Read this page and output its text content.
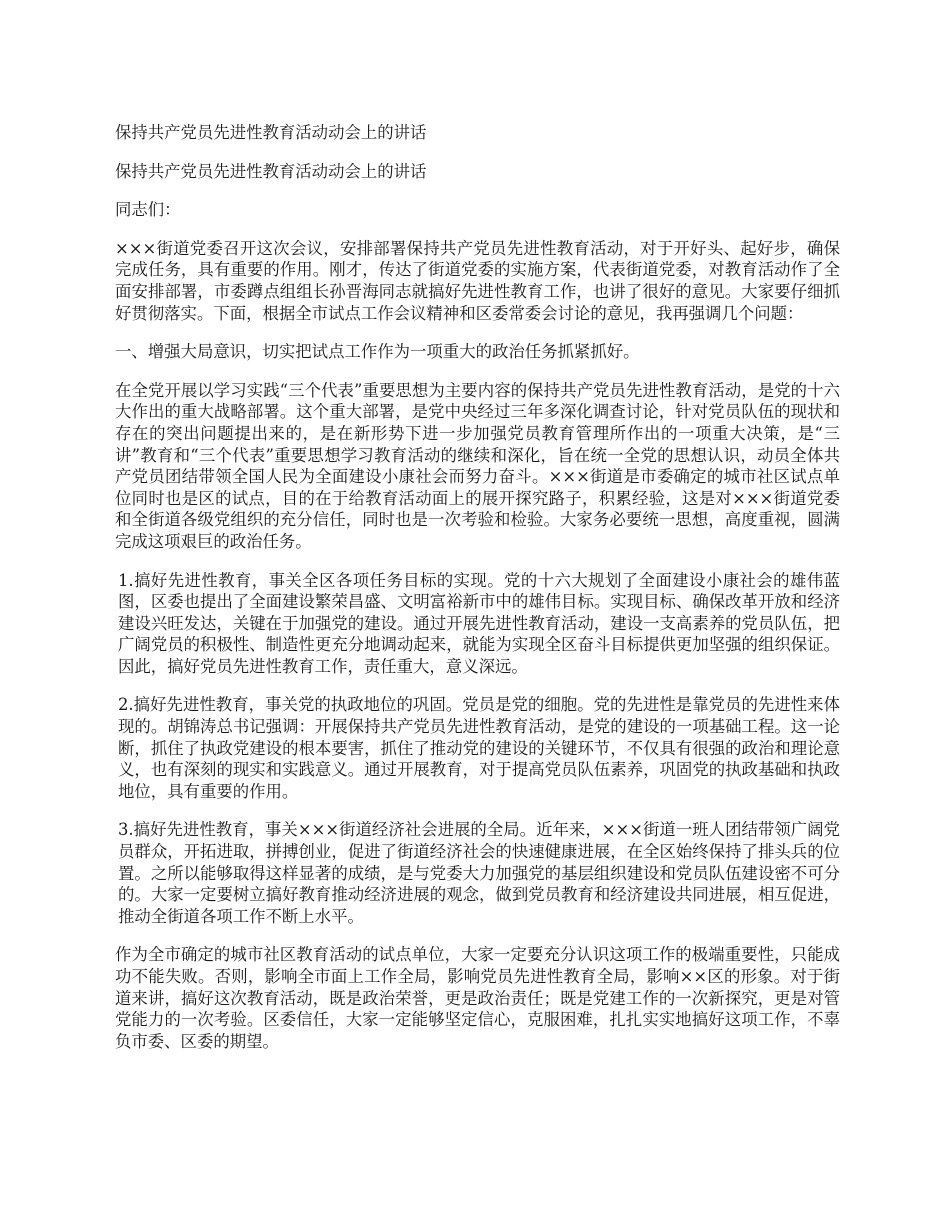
保持共产党员先进性教育活动动会上的讲话

保持共产党员先进性教育活动动会上的讲话

同志们：

×××街道党委召开这次会议，安排部署保持共产党员先进性教育活动，对于开好头、起好步，确保完成任务，具有重要的作用。刚才，传达了街道党委的实施方案，代表街道党委，对教育活动作了全面安排部署，市委蹲点组组长孙晋海同志就搞好先进性教育工作，也讲了很好的意见。大家要仔细抓好贯彻落实。下面，根据全市试点工作会议精神和区委常委会讨论的意见，我再强调几个问题：

一、增强大局意识，切实把试点工作作为一项重大的政治任务抓紧抓好。

在全党开展以学习实践“三个代表”重要思想为主要内容的保持共产党员先进性教育活动，是党的十六大作出的重大战略部署。这个重大部署，是党中央经过三年多深化调查讨论，针对党员队伍的现状和存在的突出问题提出来的，是在新形势下进一步加强党员教育管理所作出的一项重大决策，是“三讲”教育和“三个代表”重要思想学习教育活动的继续和深化，旨在统一全党的思想认识，动员全体共产党员团结带领全国人民为全面建设小康社会而努力奋斗。×××街道是市委确定的城市社区试点单位同时也是区的试点，目的在于给教育活动面上的展开探究路子，积累经验，这是对×××街道党委和全街道各级党组织的充分信任，同时也是一次考验和检验。大家务必要统一思想，高度重视，圆满完成这项艰巨的政治任务。

1.搞好先进性教育，事关全区各项任务目标的实现。党的十六大规划了全面建设小康社会的雄伟蓝图，区委也提出了全面建设繁荣昌盛、文明富裕新市中的雄伟目标。实现目标、确保改革开放和经济建设兴旺发达，关键在于加强党的建设。通过开展先进性教育活动，建设一支高素养的党员队伍，把广阔党员的积极性、制造性更充分地调动起来，就能为实现全区奋斗目标提供更加坚强的组织保证。因此，搞好党员先进性教育工作，责任重大，意义深远。

2.搞好先进性教育，事关党的执政地位的巩固。党员是党的细胞。党的先进性是靠党员的先进性来体现的。胡锦涛总书记强调：开展保持共产党员先进性教育活动，是党的建设的一项基础工程。这一论断，抓住了执政党建设的根本要害，抓住了推动党的建设的关键环节，不仅具有很强的政治和理论意义，也有深刻的现实和实践意义。通过开展教育，对于提高党员队伍素养，巩固党的执政基础和执政地位，具有重要的作用。

3.搞好先进性教育，事关×××街道经济社会进展的全局。近年来，×××街道一班人团结带领广阔党员群众，开拓进取，拼搏创业，促进了街道经济社会的快速健康进展，在全区始终保持了排头兵的位置。之所以能够取得这样显著的成绩，是与党委大力加强党的基层组织建设和党员队伍建设密不可分的。大家一定要树立搞好教育推动经济进展的观念，做到党员教育和经济建设共同进展，相互促进，推动全街道各项工作不断上水平。

作为全市确定的城市社区教育活动的试点单位，大家一定要充分认识这项工作的极端重要性，只能成功不能失败。否则，影响全市面上工作全局，影响党员先进性教育全局，影响××区的形象。对于街道来讲，搞好这次教育活动，既是政治荣誉，更是政治责任；既是党建工作的一次新探究，更是对管党能力的一次考验。区委信任，大家一定能够坚定信心，克服困难，扎扎实实地搞好这项工作，不辜负市委、区委的期望。
